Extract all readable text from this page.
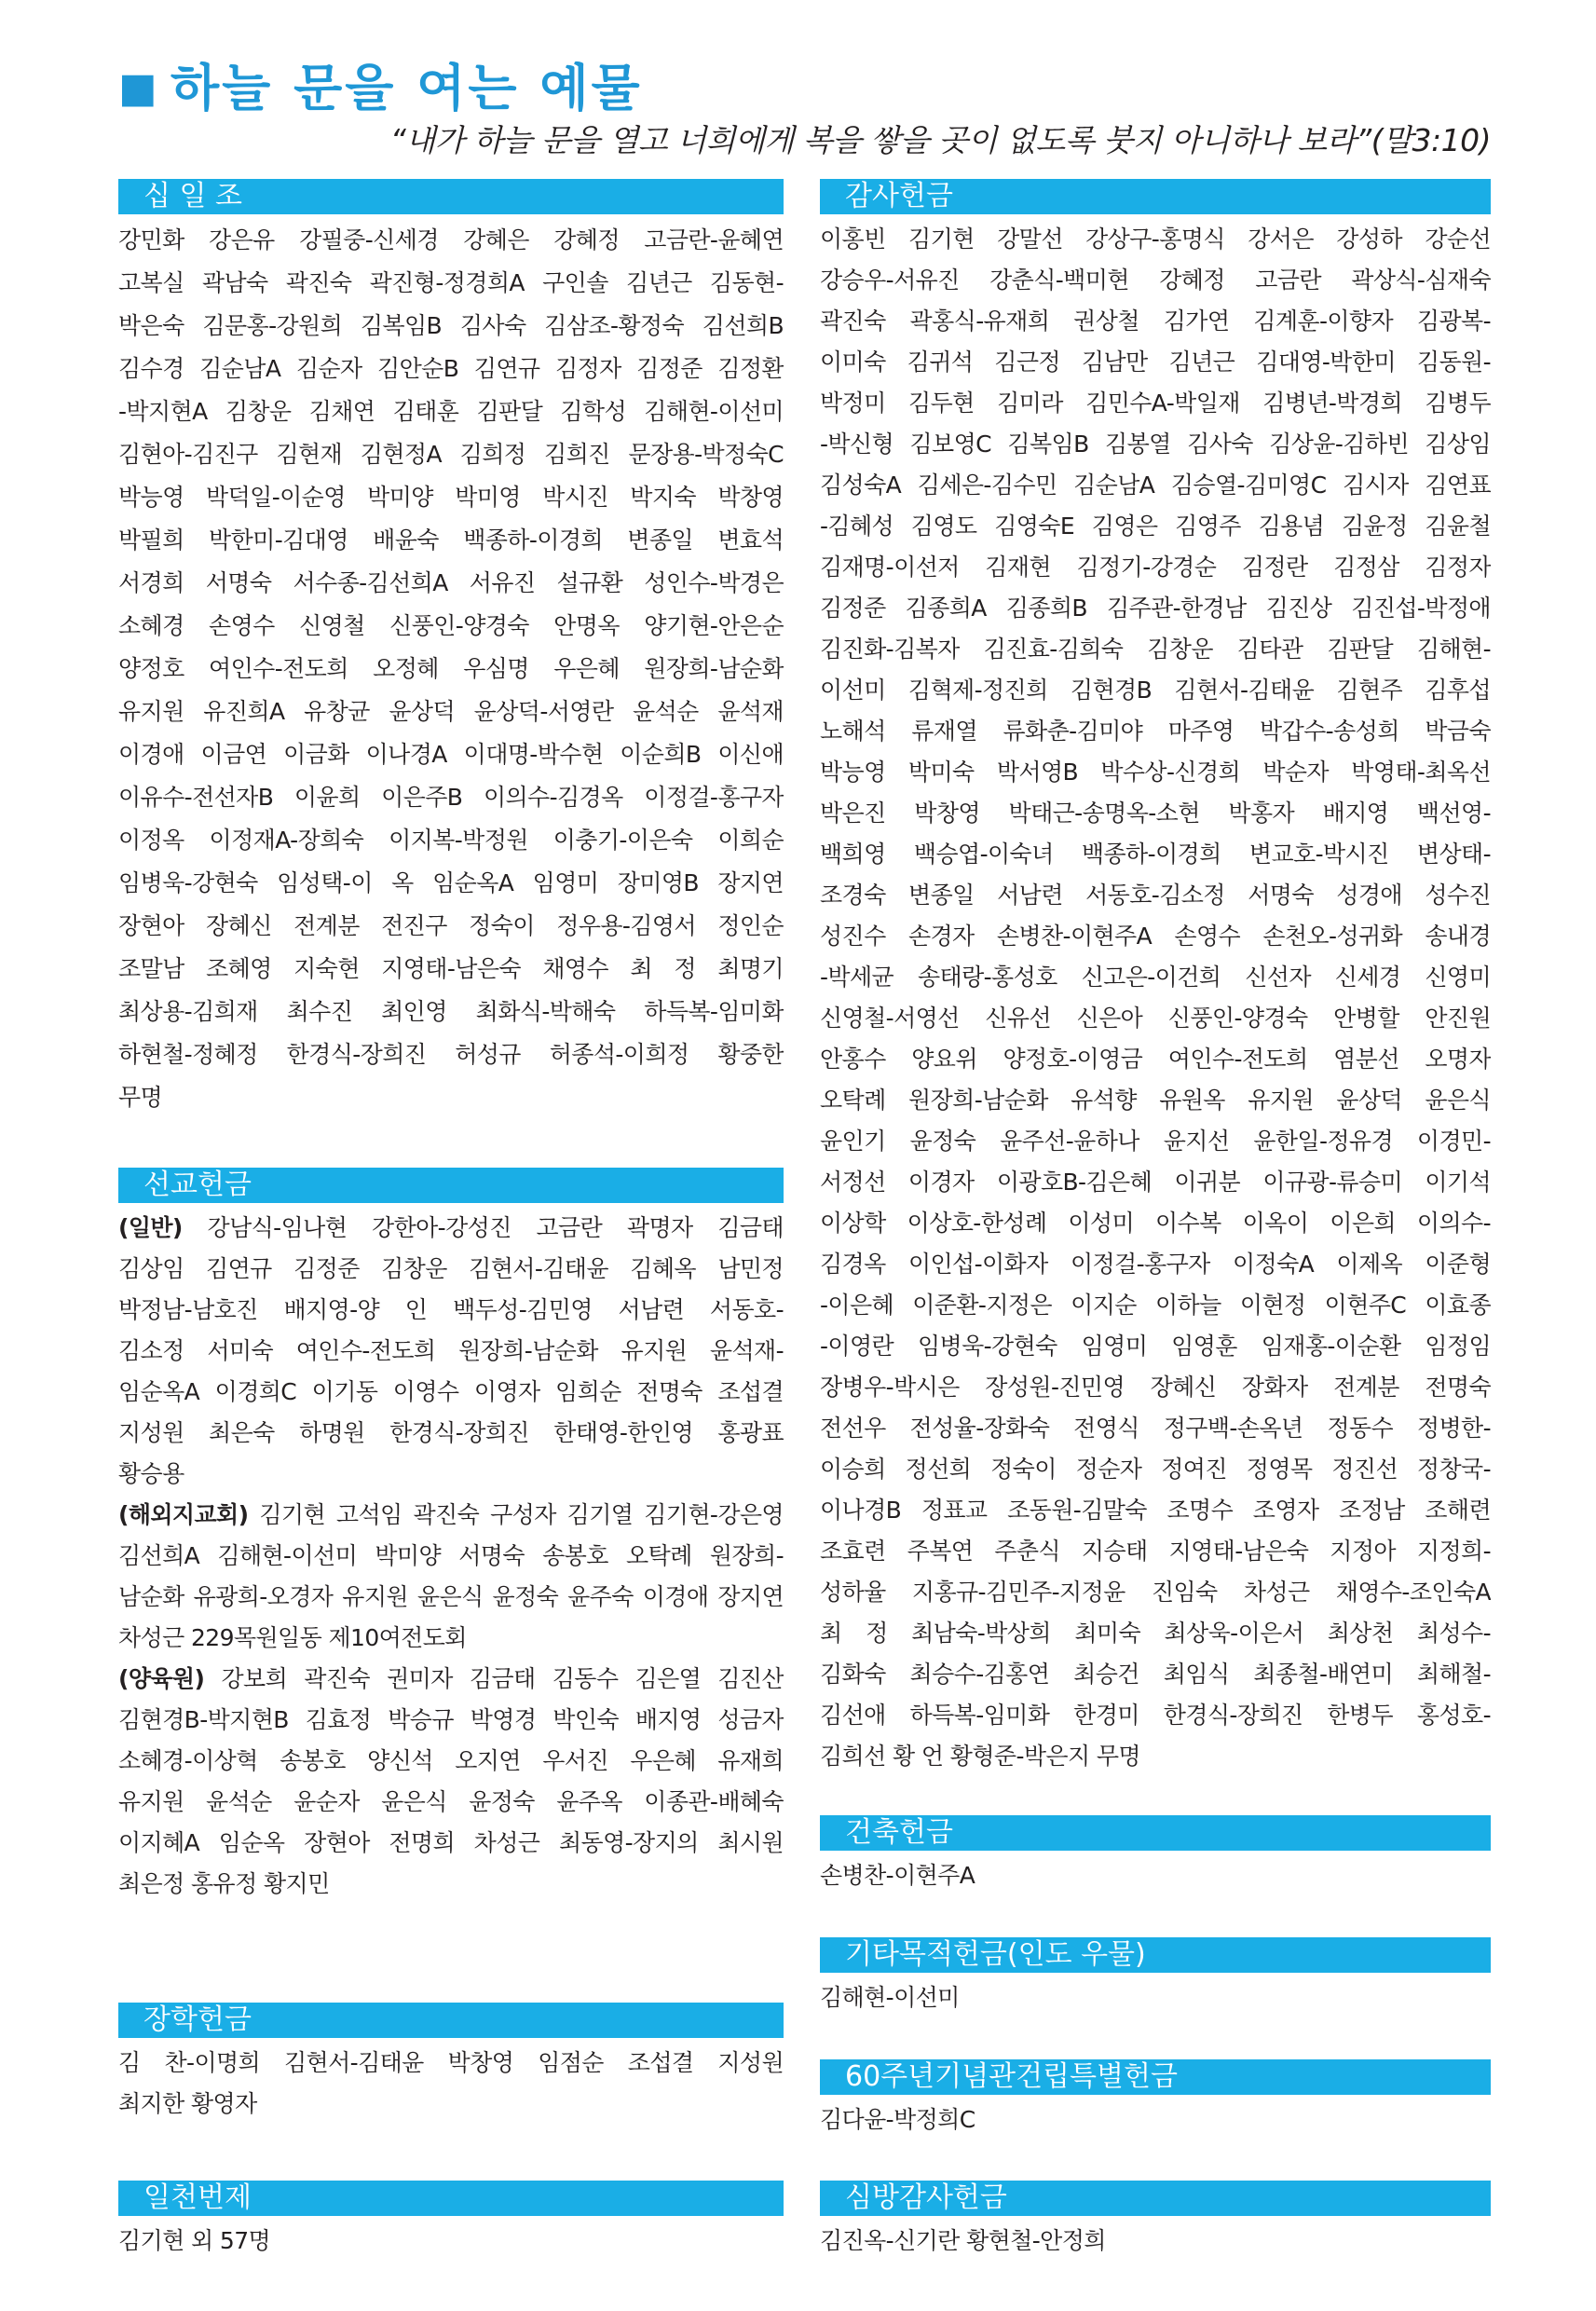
■ 하늘 문을 여는 예물
“내가 하늘 문을 열고 너희에게 복을 쌓을 곳이 없도록 붓지 아니하나 보라”(말3:10)
십 일 조
강민화 강은유 강필중-신세경 강혜은 강혜정 고금란-윤혜연
고복실 곽남숙 곽진숙 곽진형-정경희A 구인솔 김년근 김동현-
박은숙 김문홍-강원희 김복임B 김사숙 김삼조-황정숙 김선희B
김수경 김순남A 김순자 김안순B 김연규 김정자 김정준 김정환
-박지현A 김창운 김채연 김태훈 김판달 김학성 김해현-이선미
김현아-김진구 김현재 김현정A 김희정 김희진 문장용-박정숙C
박능영 박덕일-이순영 박미양 박미영 박시진 박지숙 박창영
박필희 박한미-김대영 배윤숙 백종하-이경희 변종일 변효석
서경희 서명숙 서수종-김선희A 서유진 설규환 성인수-박경은
소혜경 손영수 신영철 신풍인-양경숙 안명옥 양기현-안은순
양정호 여인수-전도희 오정혜 우심명 우은혜 원장희-남순화
유지원 유진희A 유창균 윤상덕 윤상덕-서영란 윤석순 윤석재
이경애 이금연 이금화 이나경A 이대명-박수현 이순희B 이신애
이유수-전선자B 이윤희 이은주B 이의수-김경옥 이정걸-홍구자
이정옥 이정재A-장희숙 이지복-박정원 이충기-이은숙 이희순
임병욱-강현숙 임성택-이 옥 임순옥A 임영미 장미영B 장지연
장현아 장혜신 전계분 전진구 정숙이 정우용-김영서 정인순
조말남 조혜영 지숙현 지영태-남은숙 채영수 최 정 최명기
최상용-김희재 최수진 최인영 최화식-박해숙 하득복-임미화
하현철-정혜정 한경식-장희진 허성규 허종석-이희정 황중한
무명
선교헌금
(일반) 강남식-임나현 강한아-강성진 고금란 곽명자 김금태
김상임 김연규 김정준 김창운 김현서-김태윤 김혜옥 남민정
박정남-남호진 배지영-양 인 백두성-김민영 서남련 서동호-
김소정 서미숙 여인수-전도희 원장희-남순화 유지원 윤석재-
임순옥A 이경희C 이기동 이영수 이영자 임희순 전명숙 조섭결
지성원 최은숙 하명원 한경식-장희진 한태영-한인영 홍광표
황승용
(해외지교회) 김기현 고석임 곽진숙 구성자 김기열 김기현-강은영
김선희A 김해현-이선미 박미양 서명숙 송봉호 오탁례 원장희-
남순화 유광희-오경자 유지원 윤은식 윤정숙 윤주숙 이경애 장지연
차성근 229목원일동 제10여전도회
(양육원) 강보희 곽진숙 권미자 김금태 김동수 김은열 김진산
김현경B-박지현B 김효정 박승규 박영경 박인숙 배지영 성금자
소혜경-이상혁 송봉호 양신석 오지연 우서진 우은혜 유재희
유지원 윤석순 윤순자 윤은식 윤정숙 윤주옥 이종관-배혜숙
이지혜A 임순옥 장현아 전명희 차성근 최동영-장지의 최시원
최은정 홍유정 황지민
장학헌금
김 찬-이명희 김현서-김태윤 박창영 임점순 조섭결 지성원
최지한 황영자
일천번제
김기현 외 57명
감사헌금
이홍빈 김기현 강말선 강상구-홍명식 강서은 강성하 강순선
강승우-서유진 강춘식-백미현 강혜정 고금란 곽상식-심재숙
곽진숙 곽홍식-유재희 권상철 김가연 김계훈-이향자 김광복-
이미숙 김귀석 김근정 김남만 김년근 김대영-박한미 김동원-
박정미 김두현 김미라 김민수A-박일재 김병년-박경희 김병두
-박신형 김보영C 김복임B 김봉열 김사숙 김상윤-김하빈 김상임
김성숙A 김세은-김수민 김순남A 김승열-김미영C 김시자 김연표
-김혜성 김영도 김영숙E 김영은 김영주 김용념 김윤정 김윤철
김재명-이선저 김재현 김정기-강경순 김정란 김정삼 김정자
김정준 김종희A 김종희B 김주관-한경남 김진상 김진섭-박정애
김진화-김복자 김진효-김희숙 김창운 김타관 김판달 김해현-
이선미 김혁제-정진희 김현경B 김현서-김태윤 김현주 김후섭
노해석 류재열 류화춘-김미야 마주영 박갑수-송성희 박금숙
박능영 박미숙 박서영B 박수상-신경희 박순자 박영태-최옥선
박은진 박창영 박태근-송명옥-소현 박홍자 배지영 백선영-
백희영 백승엽-이숙녀 백종하-이경희 변교호-박시진 변상태-
조경숙 변종일 서남련 서동호-김소정 서명숙 성경애 성수진
성진수 손경자 손병찬-이현주A 손영수 손천오-성귀화 송내경
-박세균 송태랑-홍성호 신고은-이건희 신선자 신세경 신영미
신영철-서영선 신유선 신은아 신풍인-양경숙 안병할 안진원
안홍수 양요위 양정호-이영금 여인수-전도희 염분선 오명자
오탁례 원장희-남순화 유석향 유원옥 유지원 윤상덕 윤은식
윤인기 윤정숙 윤주선-윤하나 윤지선 윤한일-정유경 이경민-
서정선 이경자 이광호B-김은혜 이귀분 이규광-류승미 이기석
이상학 이상호-한성례 이성미 이수복 이옥이 이은희 이의수-
김경옥 이인섭-이화자 이정걸-홍구자 이정숙A 이제옥 이준형
-이은혜 이준환-지정은 이지순 이하늘 이현정 이현주C 이효종
-이영란 임병욱-강현숙 임영미 임영훈 임재홍-이순환 임정임
장병우-박시은 장성원-진민영 장혜신 장화자 전계분 전명숙
전선우 전성율-장화숙 전영식 정구백-손옥년 정동수 정병한-
이승희 정선희 정숙이 정순자 정여진 정영목 정진선 정창국-
이나경B 정표교 조동원-김말숙 조명수 조영자 조정남 조해련
조효련 주복연 주춘식 지승태 지영태-남은숙 지정아 지정희-
성하율 지홍규-김민주-지정윤 진임숙 차성근 채영수-조인숙A
최 정 최남숙-박상희 최미숙 최상욱-이은서 최상천 최성수-
김화숙 최승수-김홍연 최승건 최임식 최종철-배연미 최해철-
김선애 하득복-임미화 한경미 한경식-장희진 한병두 홍성호-
김희선 황 언 황형준-박은지 무명
건축헌금
손병찬-이현주A
기타목적헌금(인도 우물)
김해현-이선미
60주년기념관건립특별헌금
김다윤-박정희C
심방감사헌금
김진옥-신기란 황현철-안정희
